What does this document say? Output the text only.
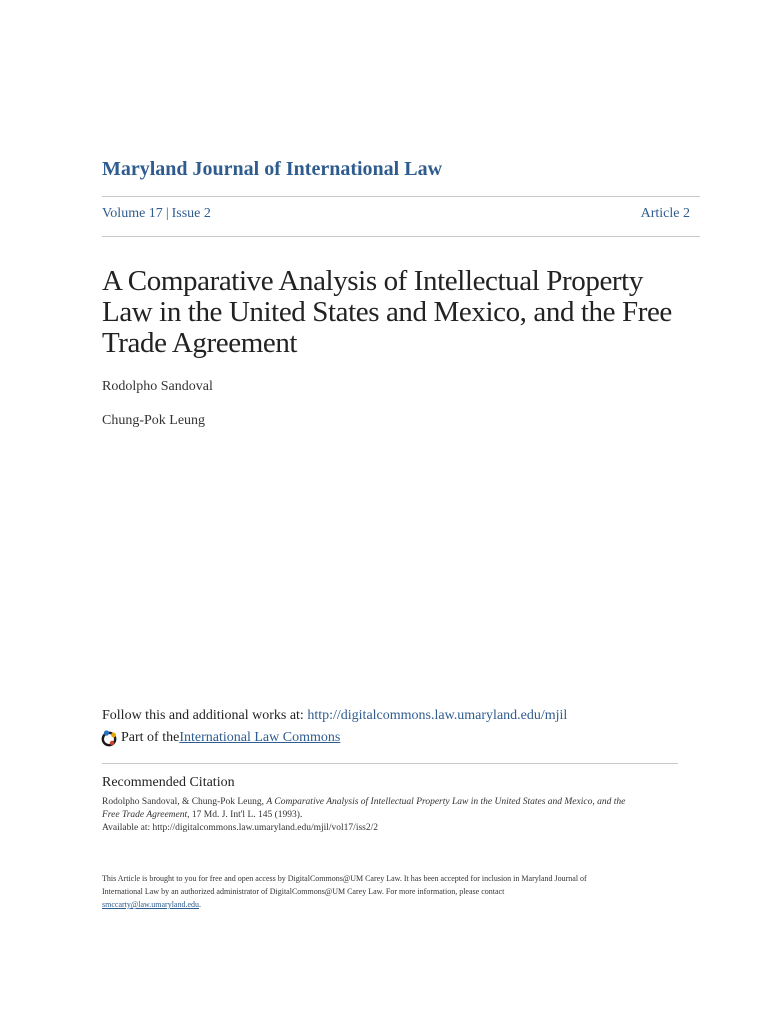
Maryland Journal of International Law
Volume 17 | Issue 2	Article 2
A Comparative Analysis of Intellectual Property
Law in the United States and Mexico, and the Free
Trade Agreement
Rodolpho Sandoval
Chung-Pok Leung
Follow this and additional works at: http://digitalcommons.law.umaryland.edu/mjil
Part of the International Law Commons
Recommended Citation
Rodolpho Sandoval, & Chung-Pok Leung, A Comparative Analysis of Intellectual Property Law in the United States and Mexico, and the
Free Trade Agreement, 17 Md. J. Int'l L. 145 (1993).
Available at: http://digitalcommons.law.umaryland.edu/mjil/vol17/iss2/2
This Article is brought to you for free and open access by DigitalCommons@UM Carey Law. It has been accepted for inclusion in Maryland Journal of
International Law by an authorized administrator of DigitalCommons@UM Carey Law. For more information, please contact
smccarty@law.umaryland.edu.
